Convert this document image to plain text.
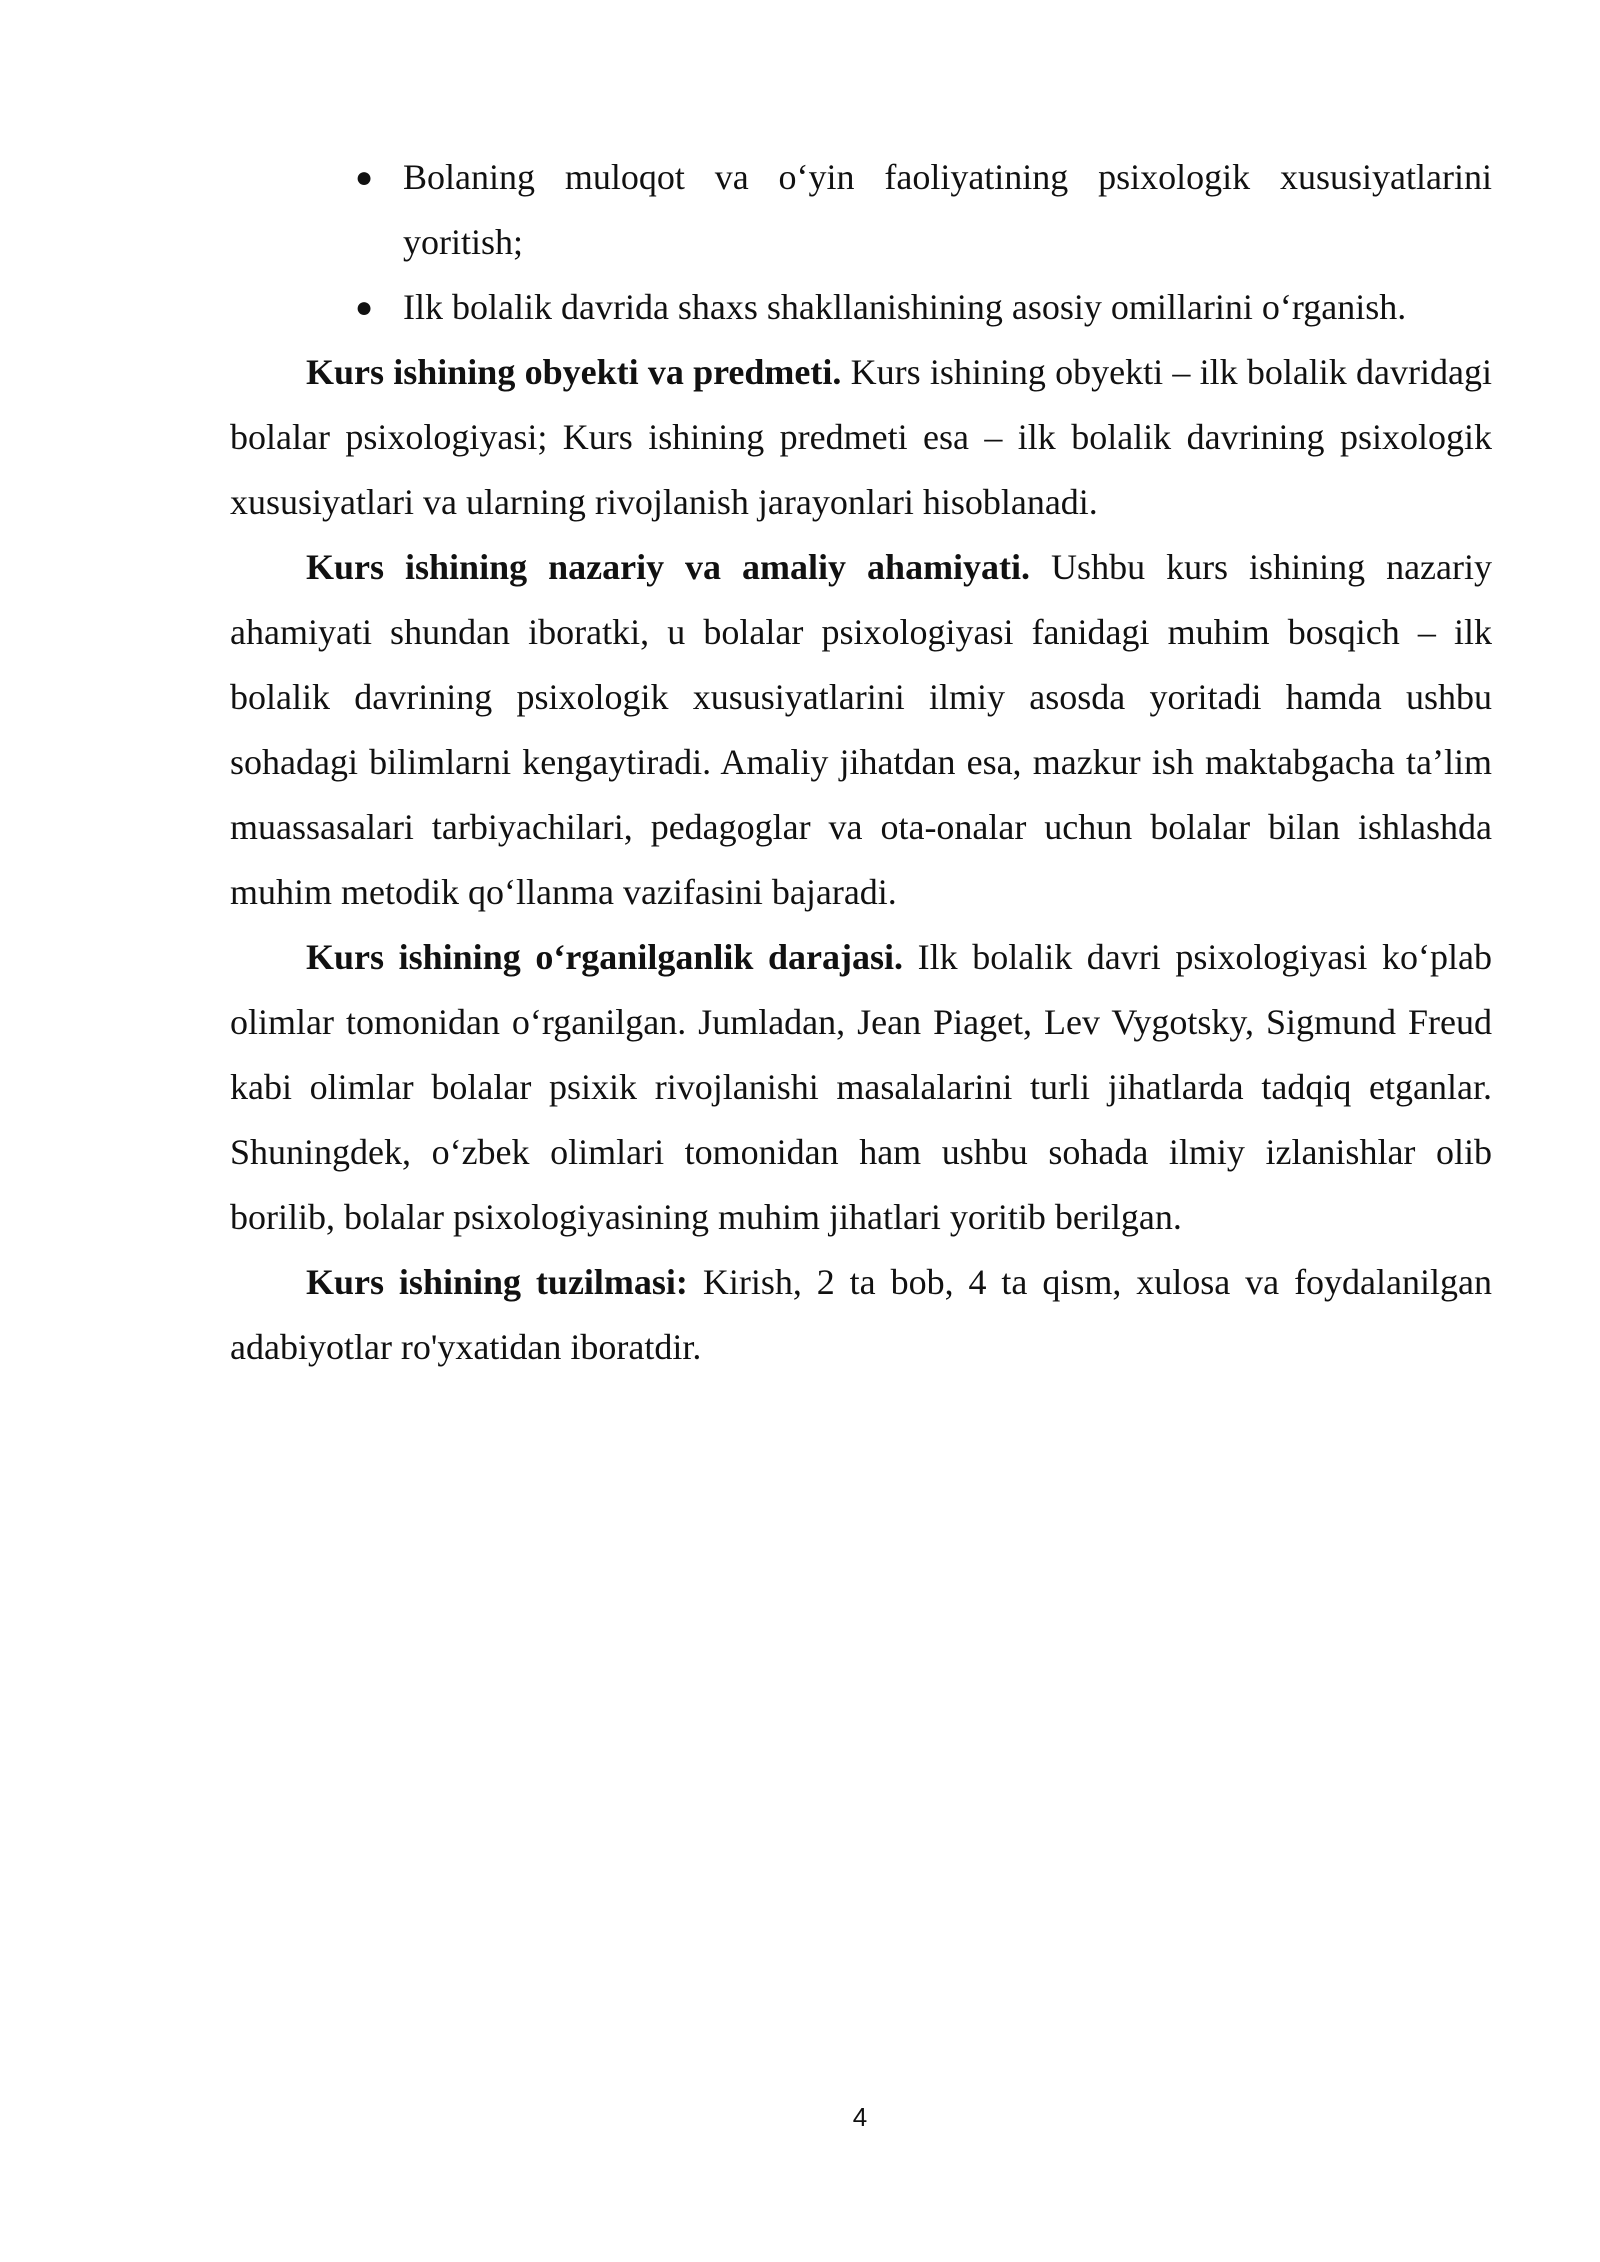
● Bolaning muloqot va o‘yin faoliyatining psixologik xususiyatlarini yoritish;
● Ilk bolalik davrida shaxs shakllanishining asosiy omillarini o‘rganish.

Kurs ishining obyekti va predmeti. Kurs ishining obyekti – ilk bolalik davridagi bolalar psixologiyasi; Kurs ishining predmeti esa – ilk bolalik davrining psixologik xususiyatlari va ularning rivojlanish jarayonlari hisoblanadi.

Kurs ishining nazariy va amaliy ahamiyati. Ushbu kurs ishining nazariy ahamiyati shundan iboratki, u bolalar psixologiyasi fanidagi muhim bosqich – ilk bolalik davrining psixologik xususiyatlarini ilmiy asosda yoritadi hamda ushbu sohadagi bilimlarni kengaytiradi. Amaliy jihatdan esa, mazkur ish maktabgacha ta’lim muassasalari tarbiyachilari, pedagoglar va ota-onalar uchun bolalar bilan ishlashda muhim metodik qo‘llanma vazifasini bajaradi.

Kurs ishining o‘rganilganlik darajasi. Ilk bolalik davri psixologiyasi ko‘plab olimlar tomonidan o‘rganilgan. Jumladan, Jean Piaget, Lev Vygotsky, Sigmund Freud kabi olimlar bolalar psixik rivojlanishi masalalarini turli jihatlarda tadqiq etganlar. Shuningdek, o‘zbek olimlari tomonidan ham ushbu sohada ilmiy izlanishlar olib borilib, bolalar psixologiyasining muhim jihatlari yoritib berilgan.

Kurs ishining tuzilmasi: Kirish, 2 ta bob, 4 ta qism, xulosa va foydalanilgan adabiyotlar ro'yxatidan iboratdir.

4
